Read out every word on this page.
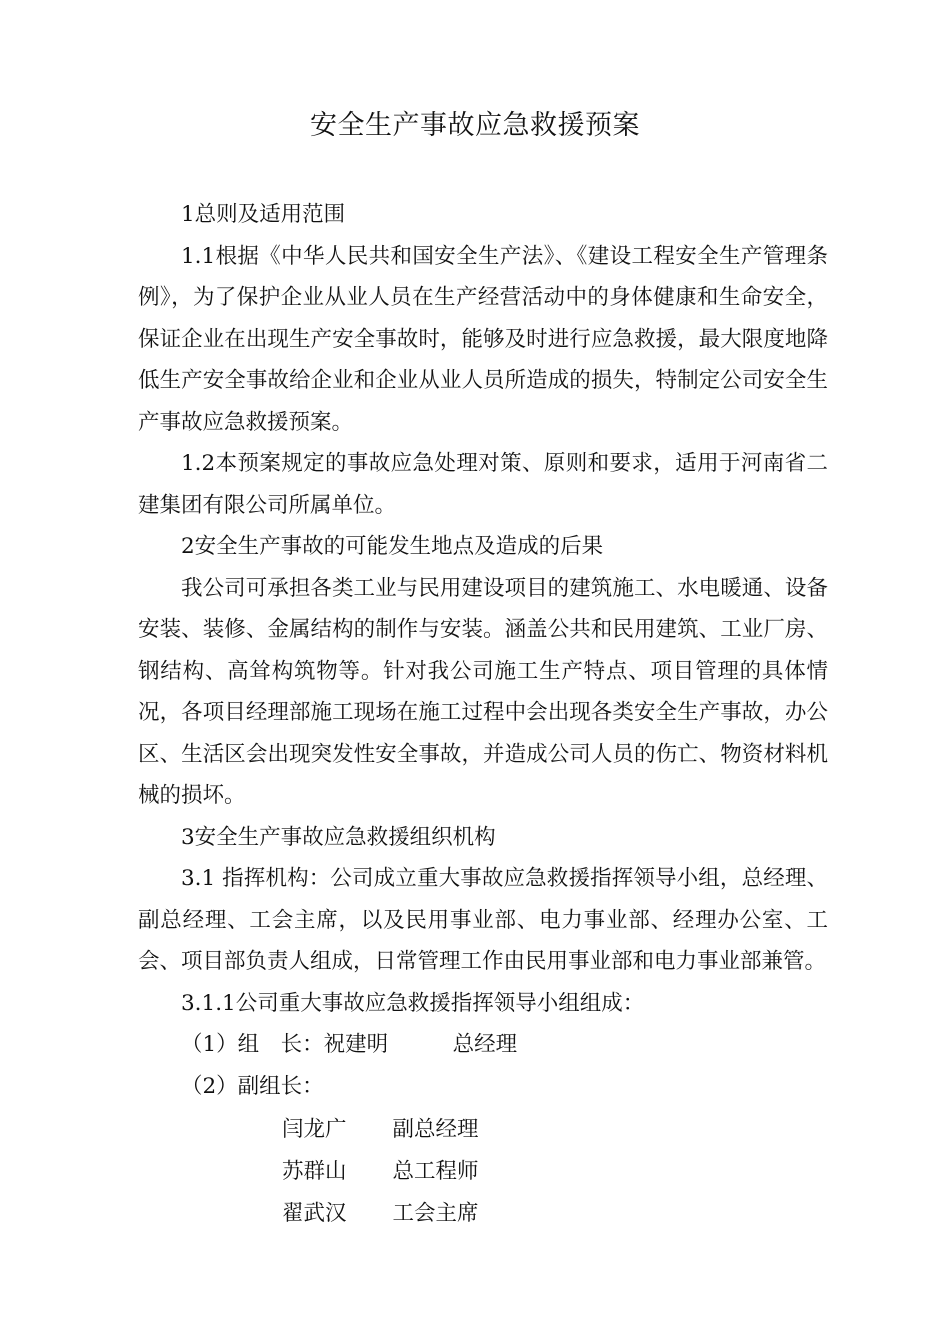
安全生产事故应急救援预案

1总则及适用范围

1.1根据《中华人民共和国安全生产法》、《建设工程安全生产管理条例》，为了保护企业从业人员在生产经营活动中的身体健康和生命安全，保证企业在出现生产安全事故时，能够及时进行应急救援，最大限度地降低生产安全事故给企业和企业从业人员所造成的损失，特制定公司安全生产事故应急救援预案。

1.2本预案规定的事故应急处理对策、原则和要求，适用于河南省二建集团有限公司所属单位。

2安全生产事故的可能发生地点及造成的后果

我公司可承担各类工业与民用建设项目的建筑施工、水电暖通、设备安装、装修、金属结构的制作与安装。涵盖公共和民用建筑、工业厂房、钢结构、高耸构筑物等。针对我公司施工生产特点、项目管理的具体情况，各项目经理部施工现场在施工过程中会出现各类安全生产事故，办公区、生活区会出现突发性安全事故，并造成公司人员的伤亡、物资材料机械的损坏。

3安全生产事故应急救援组织机构

3.1 指挥机构：公司成立重大事故应急救援指挥领导小组，总经理、副总经理、工会主席，以及民用事业部、电力事业部、经理办公室、工会、项目部负责人组成，日常管理工作由民用事业部和电力事业部兼管。

3.1.1公司重大事故应急救援指挥领导小组组成：

（1）组　长：祝建明　　　总经理

（2）副组长：

闫龙广 副总经理
苏群山 总工程师
翟武汉 工会主席
